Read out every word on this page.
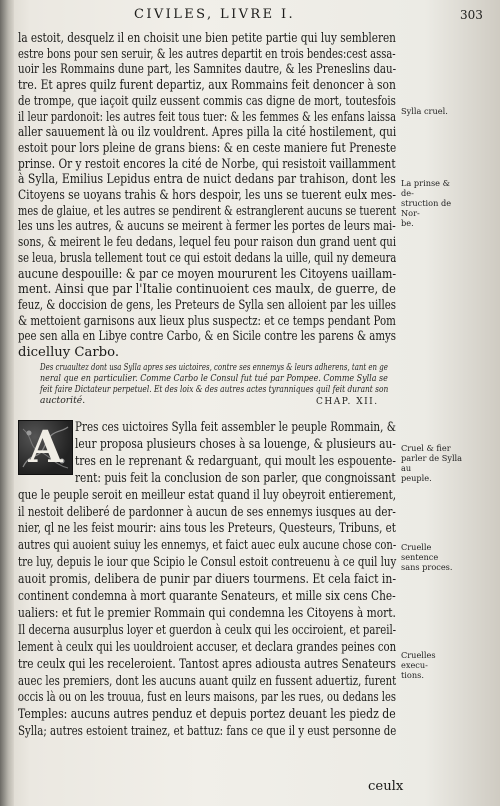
CIVILES, LIVRE I.	303
la estoit, desquelz il en choisit une bien petite partie qui luy sembleren
estre bons pour sen seruir, & les autres departit en trois bendes:cest assa-
uoir les Rommains dune part, les Samnites dautre, & les Preneslins dau-
tre. Et apres quilz furent departiz, aux Rommains feit denoncer à son
de trompe, que iaçoit quilz eussent commis cas digne de mort, toutesfois
il leur pardonoit: les autres feit tous tuer: & les femmes & les enfans laissa
aller sauuement là ou ilz vouldrent. Apres pilla la cité hostilement, qui
estoit pour lors pleine de grans biens: & en ceste maniere fut Preneste
prinse. Or y restoit encores la cité de Norbe, qui resistoit vaillamment
à Sylla, Emilius Lepidus entra de nuict dedans par trahison, dont les
Citoyens se uoyans trahis & hors despoir, les uns se tuerent eulx mes-
mes de glaiue, et les autres se pendirent & estranglerent aucuns se tuerent
les uns les autres, & aucuns se meirent à fermer les portes de leurs mai-
sons, & meirent le feu dedans, lequel feu pour raison dun grand uent qui
se leua, brusla tellement tout ce qui estoit dedans la uille, quil ny demeura
aucune despouille: & par ce moyen moururent les Citoyens uaillam-
ment. Ainsi que par l'Italie continuoient ces maulx, de guerre, de
feuz, & doccision de gens, les Preteurs de Sylla sen alloient par les uilles
& mettoient garnisons aux lieux plus suspectz: et ce temps pendant Pom
pee sen alla en Libye contre Carbo, & en Sicile contre les parens & amys
dicelluy Carbo.
Des cruaultez dont usa Sylla apres ses uictoires, contre ses ennemys & leurs adherens, tant en ge
neral que en particulier. Comme Carbo le Consul fut tué par Pompee. Comme Sylla se
feit faire Dictateur perpetuel. Et des loix & des autres actes tyranniques quil feit durant son
auctorité.	CHAP. XII.
A Pres ces uictoires Sylla feit assembler le peuple Rommain, &
leur proposa plusieurs choses à sa louenge, & plusieurs au-
tres en le reprenant & redarguant, qui moult les espouente-
rent: puis feit la conclusion de son parler, que congnoissant
que le peuple seroit en meilleur estat quand il luy obeyroit entierement,
il nestoit deliberé de pardonner à aucun de ses ennemys iusques au der-
nier, ql ne les feist mourir: ains tous les Preteurs, Questeurs, Tribuns, et
autres qui auoient suiuy les ennemys, et faict auec eulx aucune chose con-
tre luy, depuis le iour que Scipio le Consul estoit contreuenu à ce quil luy
auoit promis, delibera de punir par diuers tourmens. Et cela faict in-
continent condemna à mort quarante Senateurs, et mille six cens Che-
ualiers: et fut le premier Rommain qui condemna les Citoyens à mort.
Il decerna ausurplus loyer et guerdon à ceulx qui les occiroient, et pareil-
lement à ceulx qui les uouldroient accuser, et declara grandes peines con
tre ceulx qui les receleroient. Tantost apres adiousta autres Senateurs
auec les premiers, dont les aucuns auant quilz en fussent aduertiz, furent
occis là ou on les trouua, fust en leurs maisons, par les rues, ou dedans les
Temples: aucuns autres penduz et depuis portez deuant les piedz de
Sylla; autres estoient trainez, et battuz: fans ce que il y eust personne de
Sylla cruel.
La prinse & de-
struction de Nor-
be.
Cruel & fier
parler de Sylla au
peuple.
Cruelle sentence
sans proces.
Cruelles execu-
tions.
ceulx
